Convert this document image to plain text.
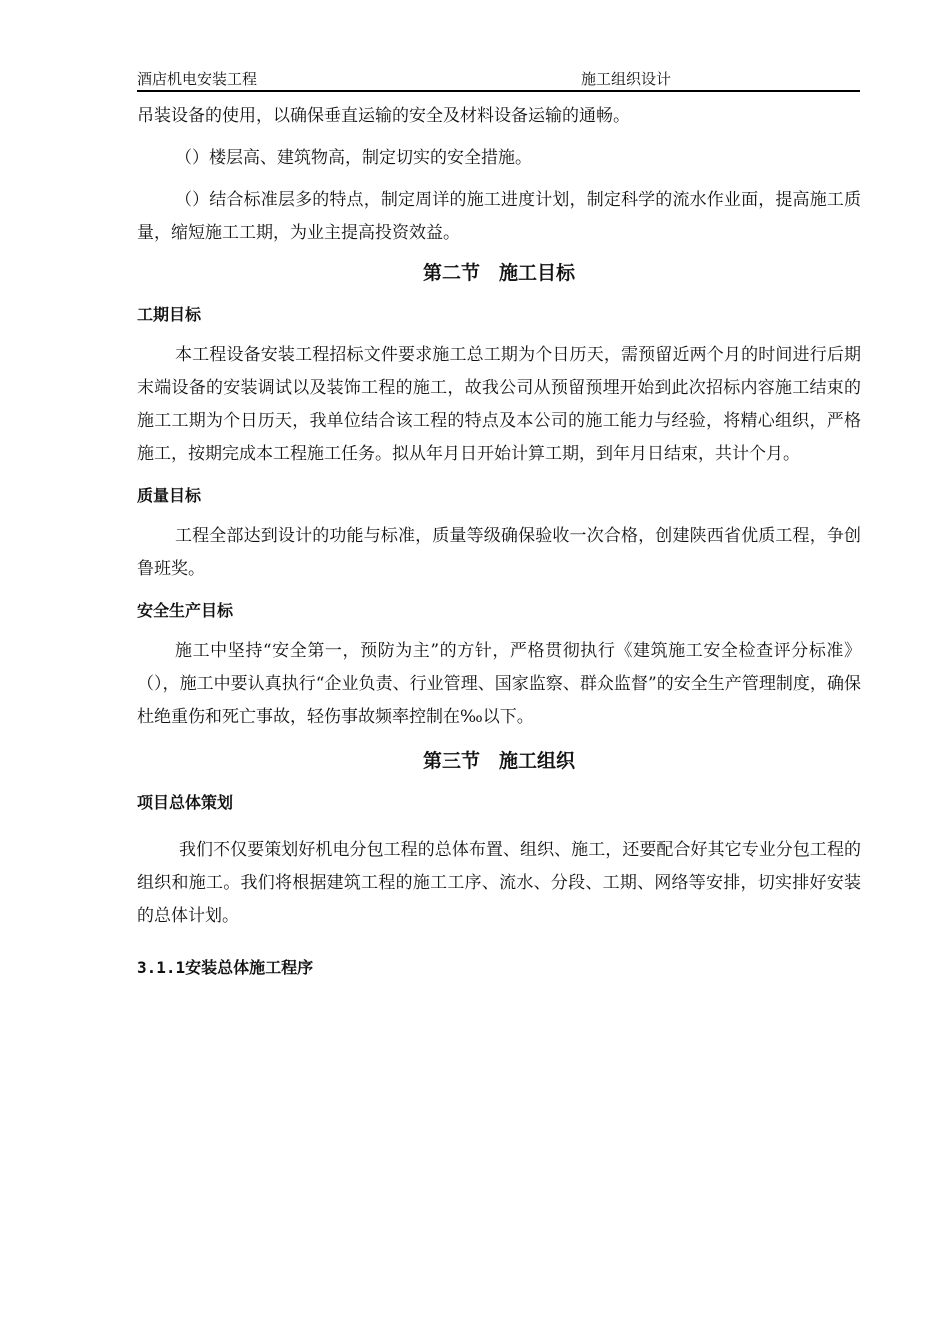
酒店机电安装工程	施工组织设计

吊装设备的使用，以确保垂直运输的安全及材料设备运输的通畅。

（）楼层高、建筑物高，制定切实的安全措施。

（）结合标准层多的特点，制定周详的施工进度计划，制定科学的流水作业面，提高施工质量，缩短施工工期，为业主提高投资效益。

第二节　施工目标
工期目标

本工程设备安装工程招标文件要求施工总工期为个日历天，需预留近两个月的时间进行后期末端设备的安装调试以及装饰工程的施工，故我公司从预留预埋开始到此次招标内容施工结束的施工工期为个日历天，我单位结合该工程的特点及本公司的施工能力与经验，将精心组织，严格施工，按期完成本工程施工任务。拟从年月日开始计算工期，到年月日结束，共计个月。

质量目标

工程全部达到设计的功能与标准，质量等级确保验收一次合格，创建陕西省优质工程，争创鲁班奖。

安全生产目标

施工中坚持“安全第一，预防为主”的方针，严格贯彻执行《建筑施工安全检查评分标准》（），施工中要认真执行“企业负责、行业管理、国家监察、群众监督”的安全生产管理制度，确保杜绝重伤和死亡事故，轻伤事故频率控制在‰以下。

第三节　施工组织
项目总体策划

我们不仅要策划好机电分包工程的总体布置、组织、施工，还要配合好其它专业分包工程的组织和施工。我们将根据建筑工程的施工工序、流水、分段、工期、网络等安排，切实排好安装的总体计划。

3.1.1安装总体施工程序
